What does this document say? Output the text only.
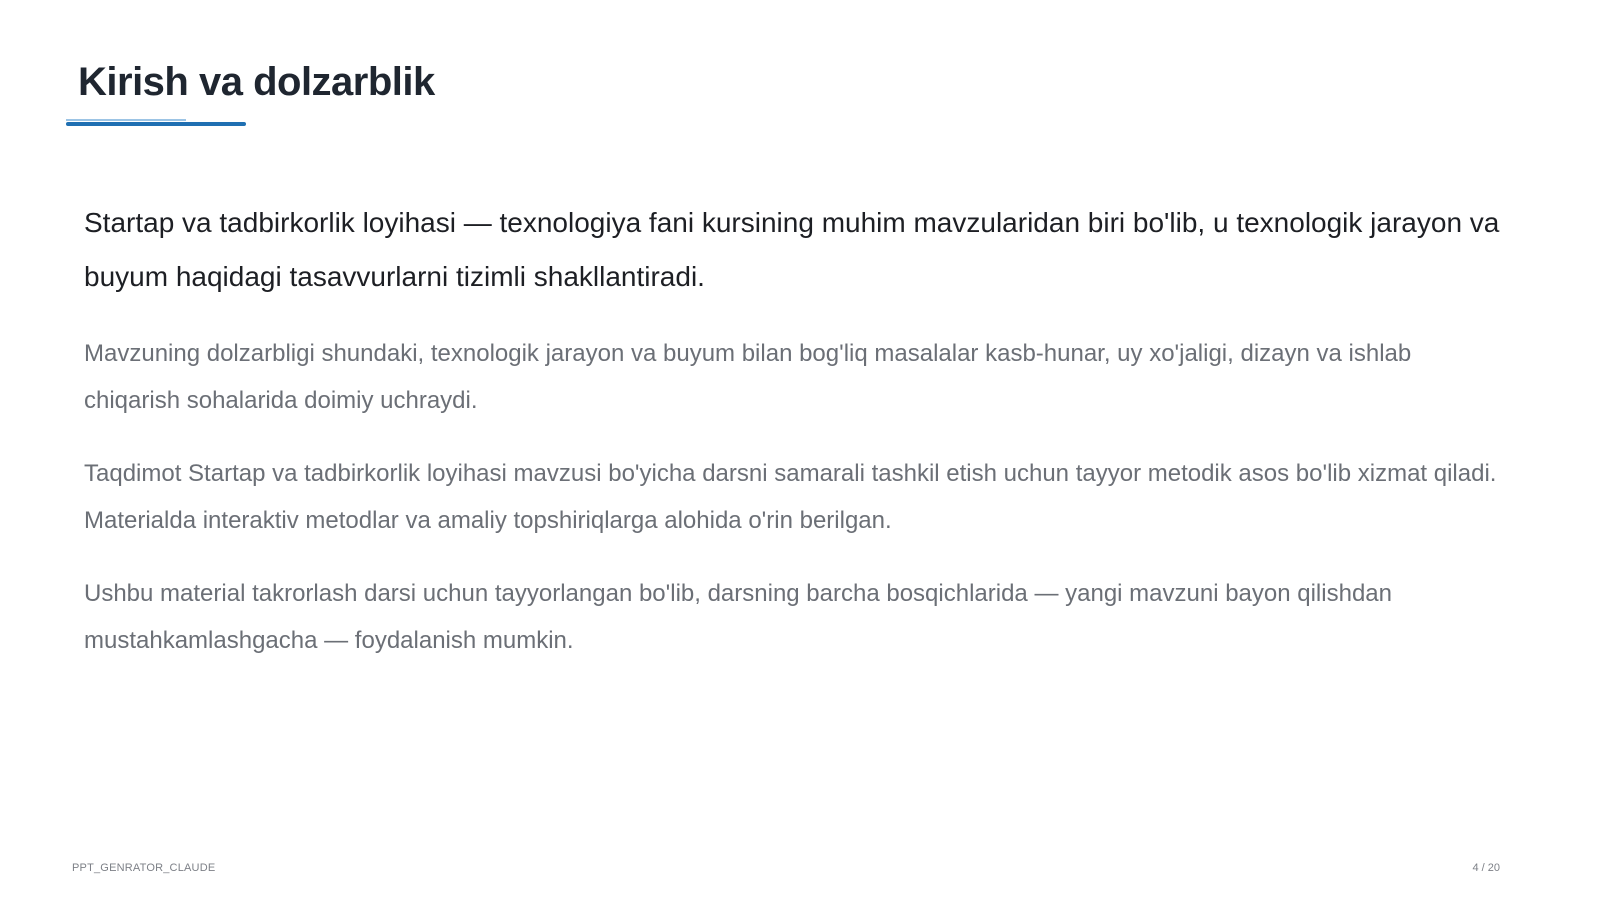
Kirish va dolzarblik

Startap va tadbirkorlik loyihasi — texnologiya fani kursining muhim mavzularidan biri bo'lib, u texnologik jarayon va buyum haqidagi tasavvurlarni tizimli shakllantiradi.

Mavzuning dolzarbligi shundaki, texnologik jarayon va buyum bilan bog'liq masalalar kasb-hunar, uy xo'jaligi, dizayn va ishlab chiqarish sohalarida doimiy uchraydi.

Taqdimot Startap va tadbirkorlik loyihasi mavzusi bo'yicha darsni samarali tashkil etish uchun tayyor metodik asos bo'lib xizmat qiladi. Materialda interaktiv metodlar va amaliy topshiriqlarga alohida o'rin berilgan.

Ushbu material takrorlash darsi uchun tayyorlangan bo'lib, darsning barcha bosqichlarida — yangi mavzuni bayon qilishdan mustahkamlashgacha — foydalanish mumkin.

PPT_GENRATOR_CLAUDE	4 / 20
